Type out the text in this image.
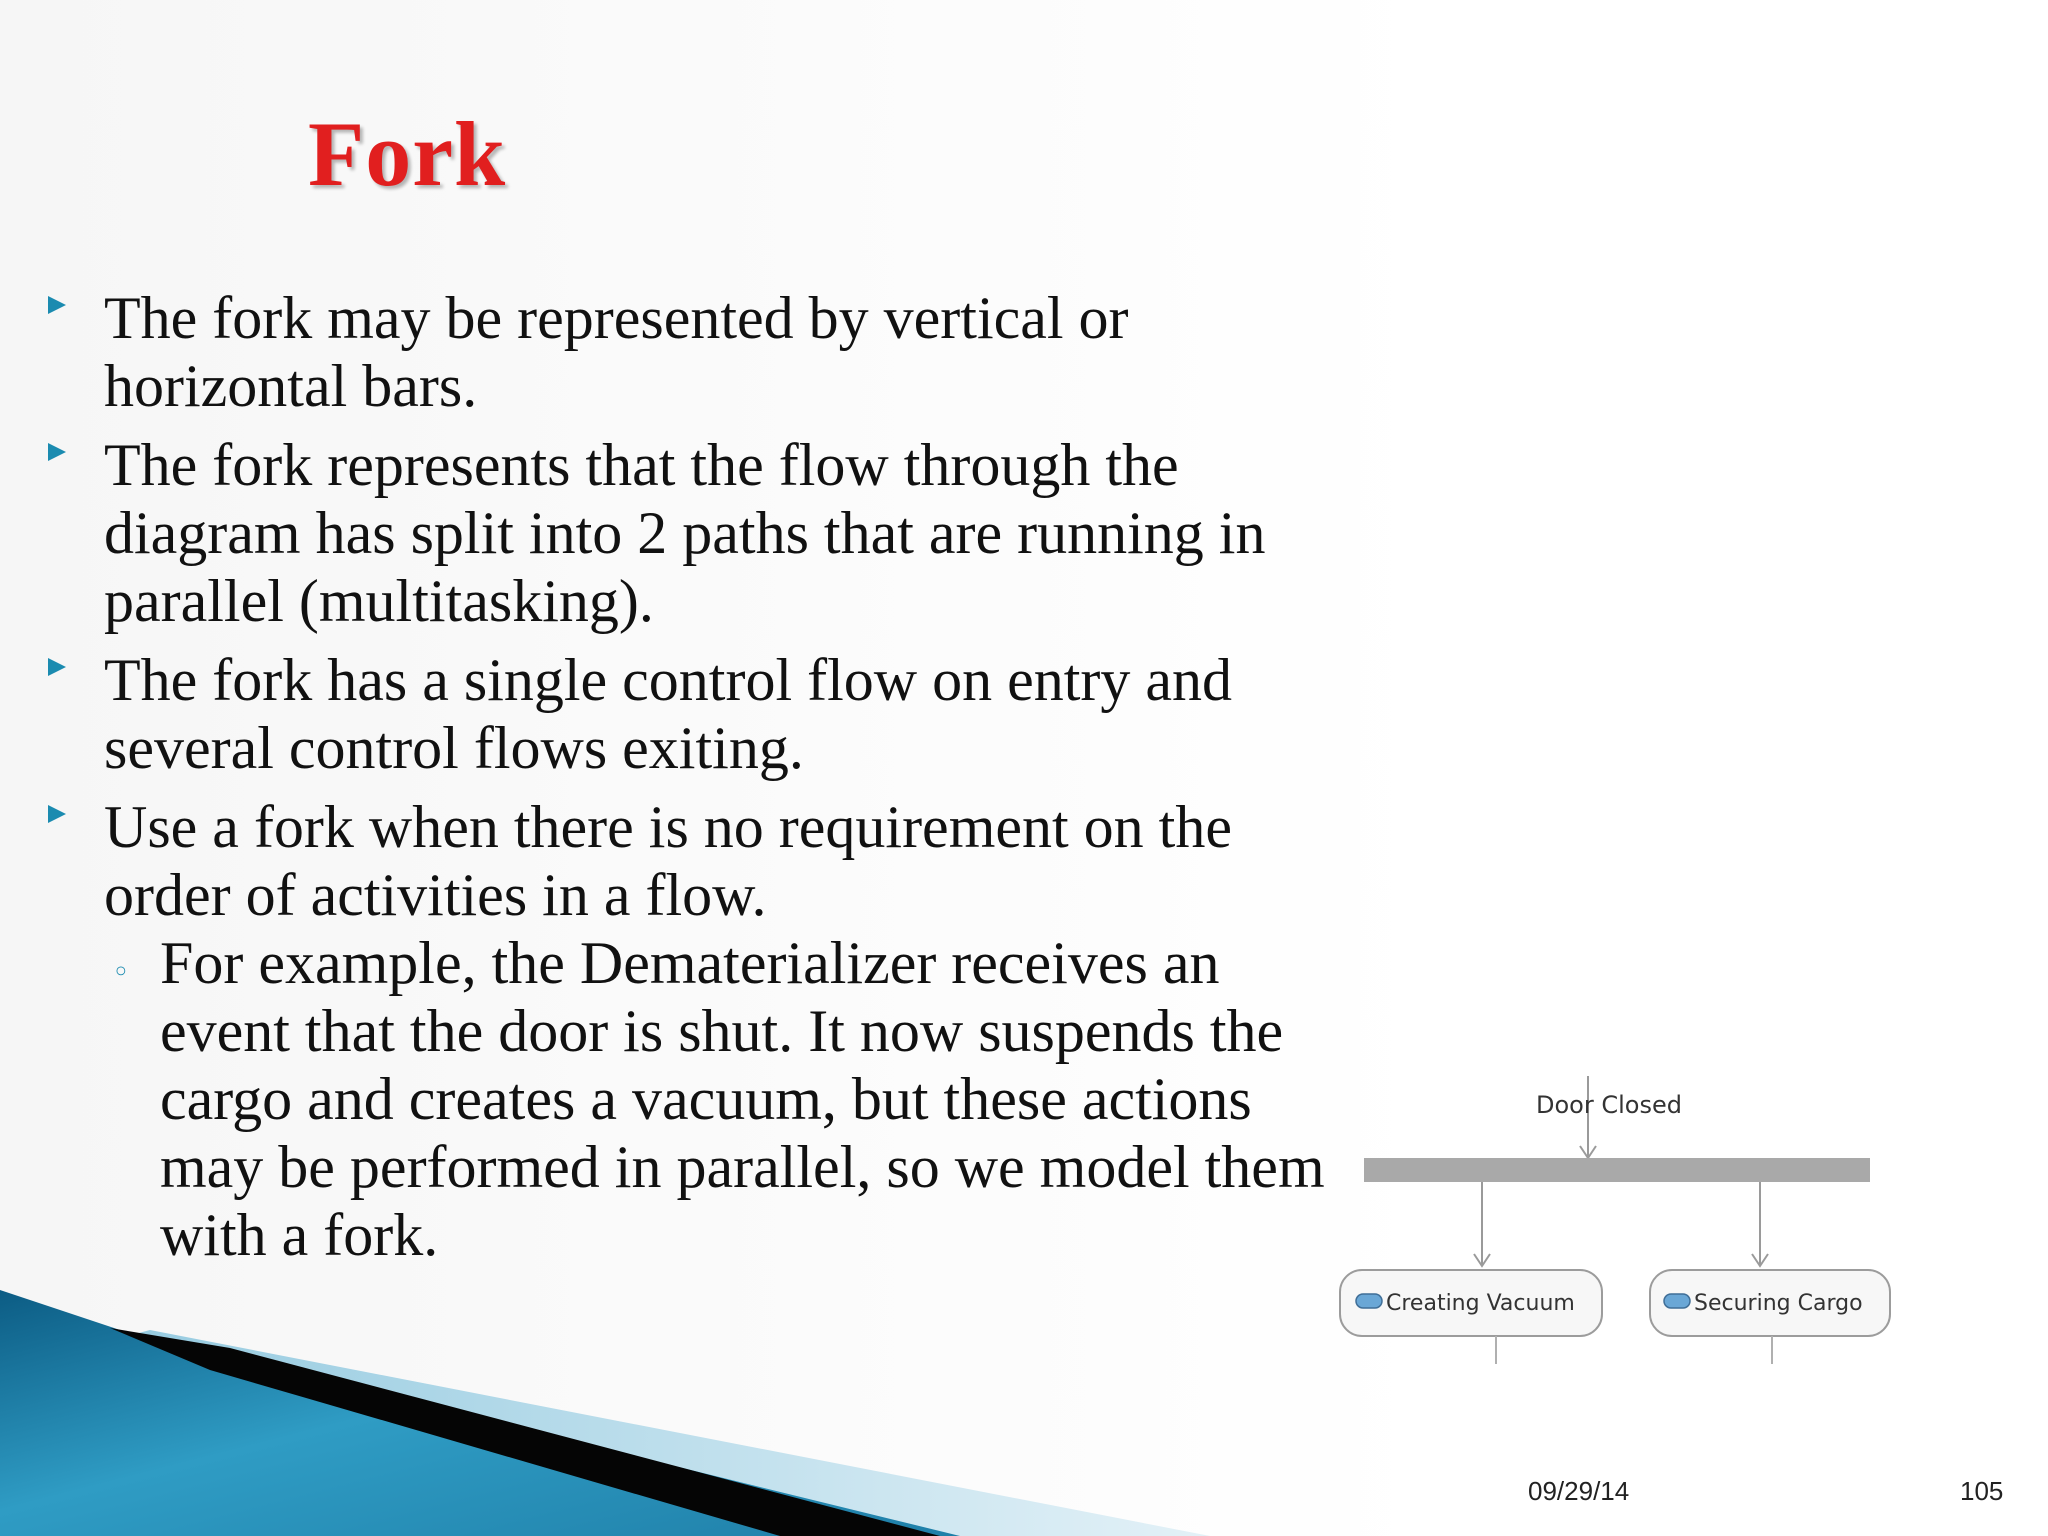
Fork
The fork may be represented by vertical or horizontal bars.
The fork represents that the flow through the diagram has split into 2 paths that are running in parallel (multitasking).
The fork has a single control flow on entry and several control flows exiting.
Use a fork when there is no requirement on the order of activities in a flow.
◦ For example, the Dematerializer receives an event that the door is shut. It now suspends the cargo and creates a vacuum, but these actions may be performed in parallel, so we model them with a fork.
Door Closed
Creating Vacuum	Securing Cargo
09/29/14	105
